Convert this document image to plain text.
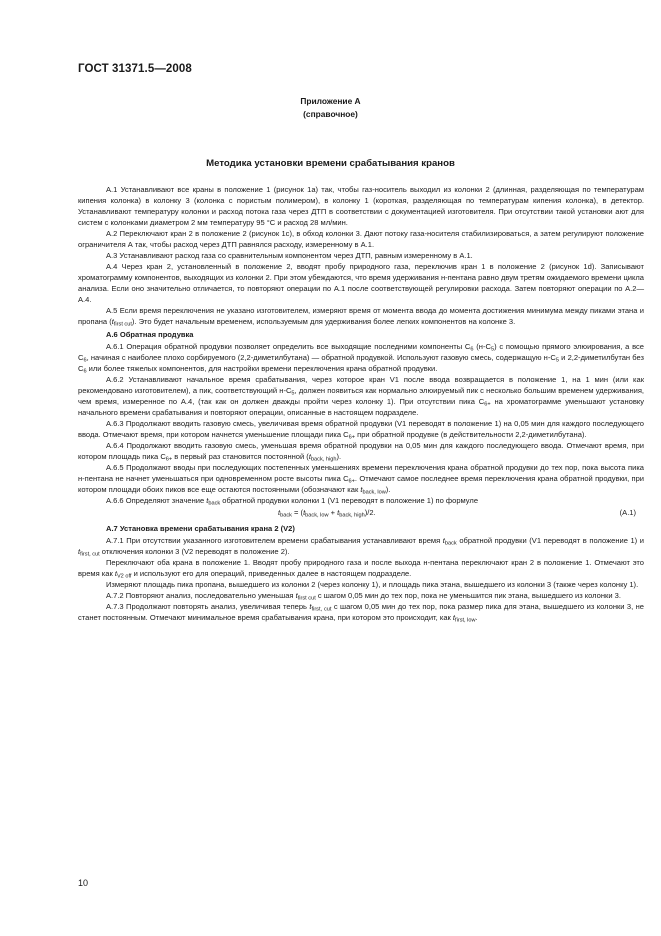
ГОСТ 31371.5—2008
Приложение А
(справочное)
Методика установки времени срабатывания кранов

А.1 Устанавливают все краны в положение 1 (рисунок 1а) так, чтобы газ-носитель выходил из колонки 2 (длинная, разделяющая по температурам кипения колонка) в колонку 3 (колонка с пористым полимером), в колонку 1 (короткая, разделяющая по температурам кипения колонка), в детектор. Устанавливают температуру колонки и расход потока газа через ДТП в соответствии с документацией изготовителя. При отсутствии такой установки ают для систем с колонками диаметром 2 мм температуру 95 °С и расход 28 мл/мин.

А.2 Переключают кран 2 в положение 2 (рисунок 1с), в обход колонки 3. Дают потоку газа-носителя стабилизироваться, а затем регулируют положение ограничителя А так, чтобы расход через ДТП равнялся расходу, измеренному в А.1.

А.3 Устанавливают расход газа со сравнительным компонентом через ДТП, равным измеренному в А.1.

А.4 Через кран 2, установленный в положение 2, вводят пробу природного газа, переключив кран 1 в положение 2 (рисунок 1d). Записывают хроматограмму компонентов, выходящих из колонки 2. При этом убеждаются, что время удерживания н-пентана равно двум третям ожидаемого времени цикла анализа. Если оно значительно отличается, то повторяют операции по А.1 после соответствующей регулировки расхода. Затем повторяют операции по А.2—А.4.

А.5 Если время переключения не указано изготовителем, измеряют время от момента ввода до момента достижения минимума между пиками этана и пропана $(t_{first cut})$. Это будет начальным временем, используемым для удерживания более легких компонентов на колонке 3.

А.6 Обратная продувка

А.6.1 Операция обратной продувки позволяет определить все выходящие последними компоненты $C_6$ $(н-C_5)$ с помощью прямого элюирования, а все $C_6$, начиная с наиболее плохо сорбируемого (2,2-диметилбутана) — обратной продувкой. Используют газовую смесь, содержащую $н-C_5$ и 2,2-диметилбутан без $C_6$ или более тяжелых компонентов, для настройки времени переключения крана обратной продувки.

А.6.2 Устанавливают начальное время срабатывания, через которое кран V1 после ввода возвращается в положение 1, на 1 мин (или как рекомендовано изготовителем), а пик, соответствующий $н-C_5$, должен появиться как нормально элюируемый пик с несколько большим временем удерживания, чем время, измеренное по А.4, (так как он должен дважды пройти через колонку 1). При отсутствии пика $C_{6+}$ на хроматограмме уменьшают установку начального времени срабатывания и повторяют операции, описанные в настоящем подразделе.

А.6.3 Продолжают вводить газовую смесь, увеличивая время обратной продувки (V1 переводят в положение 1) на 0,05 мин для каждого последующего ввода. Отмечают время, при котором начнется уменьшение площади пика $C_{6+}$ при обратной продувке (в действительности 2,2-диметилбутана).

А.6.4 Продолжают вводить газовую смесь, уменьшая время обратной продувки на 0,05 мин для каждого последующего ввода. Отмечают время, при котором площадь пика $C_{6+}$ в первый раз становится постоянной $(t_{back, high})$.

А.6.5 Продолжают вводы при последующих постепенных уменьшениях времени переключения крана обратной продувки до тех пор, пока высота пика н-пентана не начнет уменьшаться при одновременном росте высоты пика $C_{6+}$. Отмечают самое последнее время переключения крана обратной продувки, при котором площади обоих пиков все еще остаются постоянными (обозначают как $t_{back, low}$).

А.6.6 Определяют значение $t_{back}$ обратной продувки колонки 1 (V1 переводят в положение 1) по формуле

$t_{back} = (t_{back, low} + t_{back, high})/2$.	(А.1)
А.7 Установка времени срабатывания крана 2 (V2)

А.7.1 При отсутствии указанного изготовителем времени срабатывания устанавливают время $t_{back}$ обратной продувки (V1 переводят в положение 1) и $t_{first, cut}$ отключения колонки 3 (V2 переводят в положение 2).

Переключают оба крана в положение 1. Вводят пробу природного газа и после выхода н-пентана переключают кран 2 в положение 1. Отмечают это время как $t_{V2 off}$ и используют его для операций, приведенных далее в настоящем подразделе.

Измеряют площадь пика пропана, вышедшего из колонки 2 (через колонку 1), и площадь пика этана, вышедшего из колонки 3 (также через колонку 1).

А.7.2 Повторяют анализ, последовательно уменьшая $t_{first cut}$ с шагом 0,05 мин до тех пор, пока не уменьшится пик этана, вышедшего из колонки 3.

А.7.3 Продолжают повторять анализ, увеличивая теперь $t_{first, cut}$ с шагом 0,05 мин до тех пор, пока размер пика для этана, вышедшего из колонки 3, не станет постоянным. Отмечают минимальное время срабатывания крана, при котором это происходит, как $t_{first, low}$.

10
